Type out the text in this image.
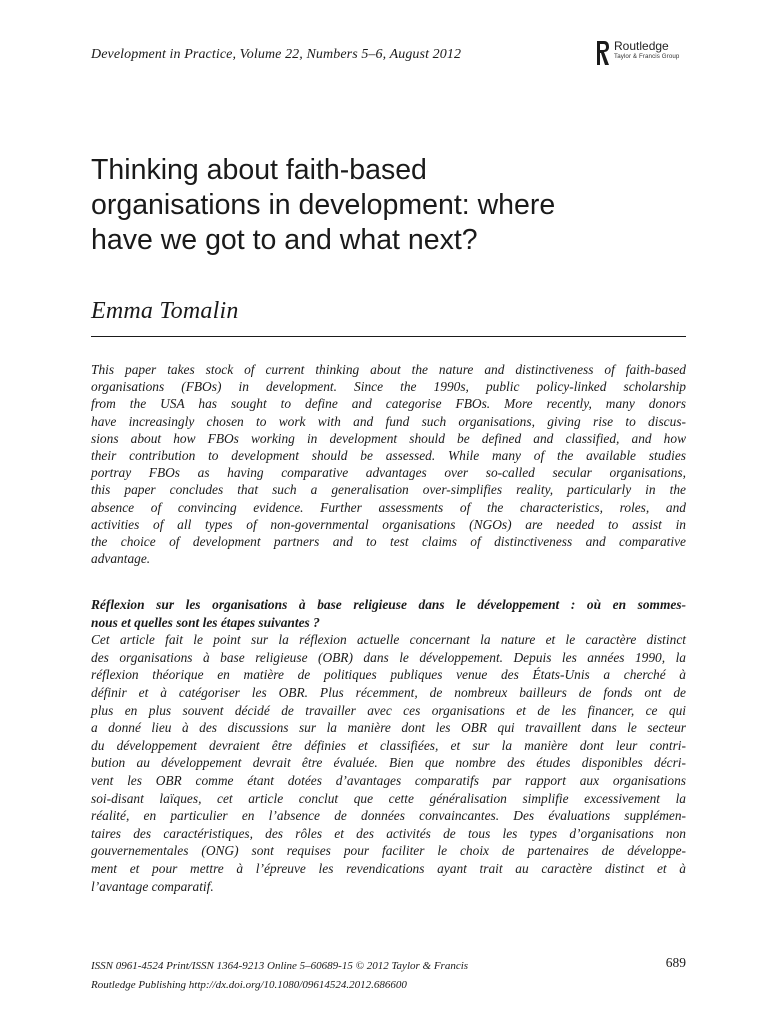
Development in Practice, Volume 22, Numbers 5–6, August 2012
Routledge
Taylor & Francis Group
Thinking about faith-based
organisations in development: where
have we got to and what next?
Emma Tomalin
This paper takes stock of current thinking about the nature and distinctiveness of faith-based
organisations (FBOs) in development. Since the 1990s, public policy-linked scholarship
from the USA has sought to define and categorise FBOs. More recently, many donors
have increasingly chosen to work with and fund such organisations, giving rise to discus-
sions about how FBOs working in development should be defined and classified, and how
their contribution to development should be assessed. While many of the available studies
portray FBOs as having comparative advantages over so-called secular organisations,
this paper concludes that such a generalisation over-simplifies reality, particularly in the
absence of convincing evidence. Further assessments of the characteristics, roles, and
activities of all types of non-governmental organisations (NGOs) are needed to assist in
the choice of development partners and to test claims of distinctiveness and comparative
advantage.
Réflexion sur les organisations à base religieuse dans le développement : où en sommes-
nous et quelles sont les étapes suivantes ?
Cet article fait le point sur la réflexion actuelle concernant la nature et le caractère distinct
des organisations à base religieuse (OBR) dans le développement. Depuis les années 1990, la
réflexion théorique en matière de politiques publiques venue des États-Unis a cherché à
définir et à catégoriser les OBR. Plus récemment, de nombreux bailleurs de fonds ont de
plus en plus souvent décidé de travailler avec ces organisations et de les financer, ce qui
a donné lieu à des discussions sur la manière dont les OBR qui travaillent dans le secteur
du développement devraient être définies et classifiées, et sur la manière dont leur contri-
bution au développement devrait être évaluée. Bien que nombre des études disponibles décri-
vent les OBR comme étant dotées d’avantages comparatifs par rapport aux organisations
soi-disant laïques, cet article conclut que cette généralisation simplifie excessivement la
réalité, en particulier en l’absence de données convaincantes. Des évaluations supplémen-
taires des caractéristiques, des rôles et des activités de tous les types d’organisations non
gouvernementales (ONG) sont requises pour faciliter le choix de partenaires de développe-
ment et pour mettre à l’épreuve les revendications ayant trait au caractère distinct et à
l’avantage comparatif.
ISSN 0961-4524 Print/ISSN 1364-9213 Online 5–60689-15 © 2012 Taylor & Francis
Routledge Publishing http://dx.doi.org/10.1080/09614524.2012.686600
689
